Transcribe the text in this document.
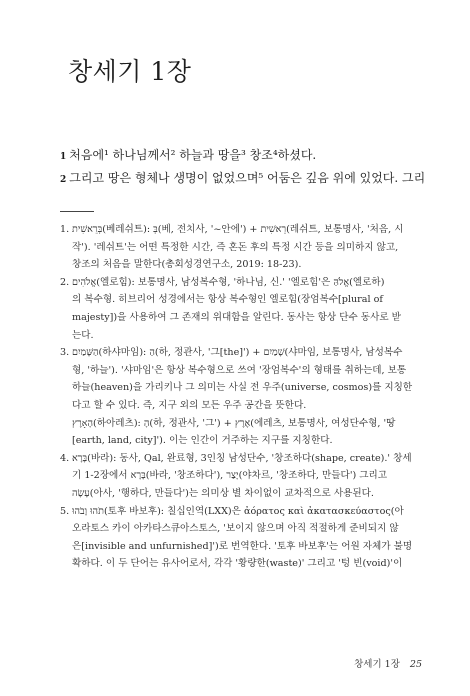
창세기 1장
1 처음에¹ 하나님께서² 하늘과 땅을³ 창조⁴하셨다.
2 그리고 땅은 형체나 생명이 없었으며⁵ 어둠은 깊음 위에 있었다. 그리
1. בְּרֵאשִׁית(베레쉬트): בְּ(베, 전치사, '~안에') + רֵאשִׁית(레쉬트, 보통명사, '처음, 시
작'). '레쉬트'는 어떤 특정한 시간, 즉 혼돈 후의 특정 시간 등을 의미하지 않고,
창조의 처음을 말한다(총회성경연구소, 2019: 18-23).
2. אֱלֹהִים(엘로힘): 보통명사, 남성복수형, '하나님, 신.' '엘로힘'은 אֱלֹהַּ(엘로하)
의 복수형. 히브리어 성경에서는 항상 복수형인 엘로힘(장엄복수[plural of
majesty])을 사용하여 그 존재의 위대함을 알린다. 동사는 항상 단수 동사로 받
는다.
3. הַשָּׁמַיִם(하샤마임): הַ(하, 정관사, '그[the]') + שָׁמַיִם(샤마임, 보통명사, 남성복수
형, '하늘'). '샤마임'은 항상 복수형으로 쓰여 '장엄복수'의 형태를 취하는데, 보통
하늘(heaven)을 가리키나 그 의미는 사실 전 우주(universe, cosmos)를 지칭한
다고 할 수 있다. 즉, 지구 외의 모든 우주 공간을 뜻한다.
הָאָרֶץ(하아레츠): הָ(하, 정관사, '그') + אֶרֶץ(에레츠, 보통명사, 여성단수형, '땅
[earth, land, city]'). 이는 인간이 거주하는 지구를 지칭한다.
4. בָּרָא(바라): 동사, Qal, 완료형, 3인칭 남성단수, '창조하다(shape, create).' 창세
기 1-2장에서 בָּרָא(바라, '창조하다'), יָצַר(야차르, '창조하다, 만들다') 그리고
עָשָׂה(아사, '행하다, 만들다')는 의미상 별 차이없이 교차적으로 사용된다.
5. תֹהוּ וָבֹהוּ(토후 바보후): 칠십인역(LXX)은 ἀόρατος καὶ ἀκατασκεύαστος(아
오라토스 카이 아카타스큐아스토스, '보이지 않으며 아직 적절하게 준비되지 않
은[invisible and unfurnished]')로 번역한다. '토후 바보후'는 어원 자체가 불명
확하다. 이 두 단어는 유사어로서, 각각 '황량한(waste)' 그리고 '텅 빈(void)'이
창세기 1장 25
